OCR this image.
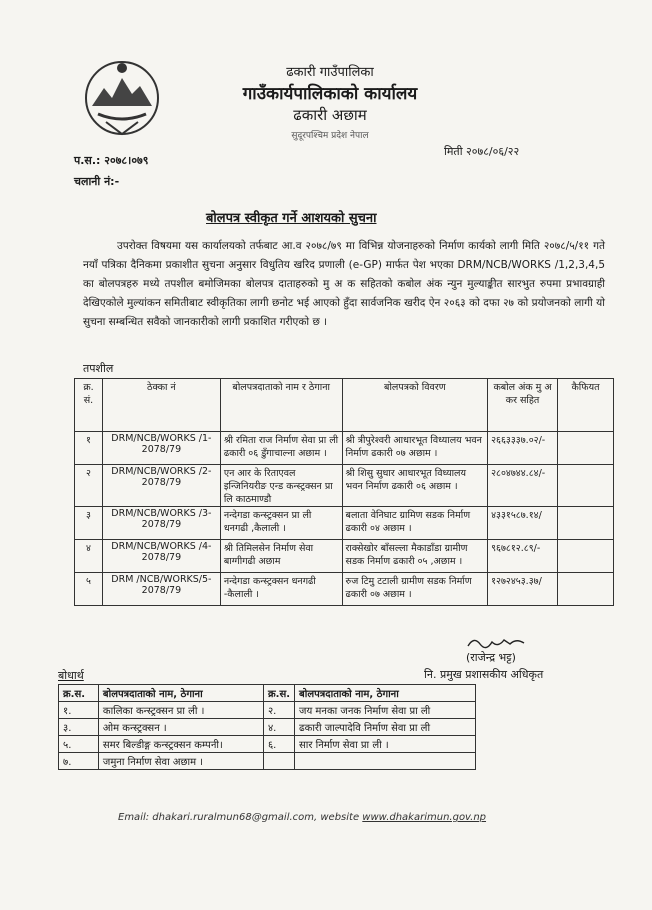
ढकारी गाउँपालिका
गाउँकार्यपालिकाको कार्यालय
ढकारी अछाम
सुदूरपश्चिम प्रदेश नेपाल
प.स.: २०७८।०७९
चलानी नं:-
मिती २०७८/०६/२२
बोलपत्र स्वीकृत गर्ने आशयको सुचना
उपरोक्त विषयमा यस कार्यालयको तर्फबाट आ.व २०७८/७९ मा विभिन्न योजनाहरुको निर्माण कार्यको लागी मिति २०७८/५/११ गते नयाँ पत्रिका दैनिकमा प्रकाशीत सुचना अनुसार विधुतिय खरिद प्रणाली (e-GP) मार्फत पेश भएका DRM/NCB/WORKS /1,2,3,4,5 का बोलपत्रहरु मध्ये तपशील बमोजिमका बोलपत्र दाताहरुको मु अ क सहितको कबोल अंक न्युन मुल्याङ्कीत सारभुत रुपमा प्रभावग्राही देखिएकोले मुल्यांकन समितीबाट स्वीकृतिका लागी छनोट भई आएको हुँदा सार्वजनिक खरीद ऐन २०६३ को दफा २७ को प्रयोजनको लागी यो सुचना सम्बन्धित सवैको जानकारीको लागी प्रकाशित गरीएको छ ।
तपशील
क्र. सं.	ठेक्का नं	बोलपत्रदाताको नाम र ठेगाना	बोलपत्रको विवरण	कबोल अंक मु अ कर सहित	कैफियत
१	DRM/NCB/WORKS /1-2078/79	श्री रमिता राज निर्माण सेवा प्रा ली ढकारी ०६ डुँगाचाल्ना अछाम ।	श्री त्रीपुरेश्वरी आधारभूत विध्यालय भवन निर्माण ढकारी ०७ अछाम ।	२६६३३३७.०२/-	
२	DRM/NCB/WORKS /2-2078/79	एन आर के रिताएवल इन्जिनियरीङ एन्ड कन्स्ट्रक्सन प्रा लि काठमाण्डौ	श्री शिसु सुधार आधारभूत विध्यालय भवन निर्माण ढकारी ०६ अछाम ।	२८०४७४४.८४/-	
३	DRM/NCB/WORKS /3-2078/79	नन्देगडा कन्स्ट्रक्सन प्रा ली धनगढी ,कैलाली ।	बलाता वेनिघाट ग्रामिण सडक निर्माण ढकारी ०४ अछाम ।	४३३१५८७.१४/	
४	DRM/NCB/WORKS /4-2078/79	श्री तिमिलसेन निर्माण सेवा बाग्गीगढी अछाम	राक्सेखोर बाँसल्ला मैकाडाँडा ग्रामीण सडक निर्माण ढकारी ०५ ,अछाम ।	९६७८१२.८९/-	
५	DRM /NCB/WORKS/5-2078/79	नन्देगडा कन्स्ट्रक्सन धनगढी -कैलाली ।	रुज टिमु टटाली ग्रामीण सडक निर्माण ढकारी ०७ अछाम ।	१२७२४५३.३७/	
(राजेन्द्र भट्ट)
नि. प्रमुख प्रशासकीय अधिकृत
बोधार्थ
क्र.स.	बोलपत्रदाताको नाम, ठेगाना	क्र.स.	बोलपत्रदाताको नाम, ठेगाना
१.	कालिका कन्स्ट्रक्सन प्रा ली ।	२.	जय मनका जनक निर्माण सेवा प्रा ली
३.	ओम कन्स्ट्रक्सन ।	४.	ढकारी जाल्पादेवि निर्माण सेवा प्रा ली
५.	समर बिल्डीङ्ग कन्स्ट्रक्सन कम्पनी।	६.	सार निर्माण सेवा प्रा ली ।
७.	जमुना निर्माण सेवा अछाम ।		
Email: dhakari.ruralmun68@gmail.com, website www.dhakarimun.gov.np
